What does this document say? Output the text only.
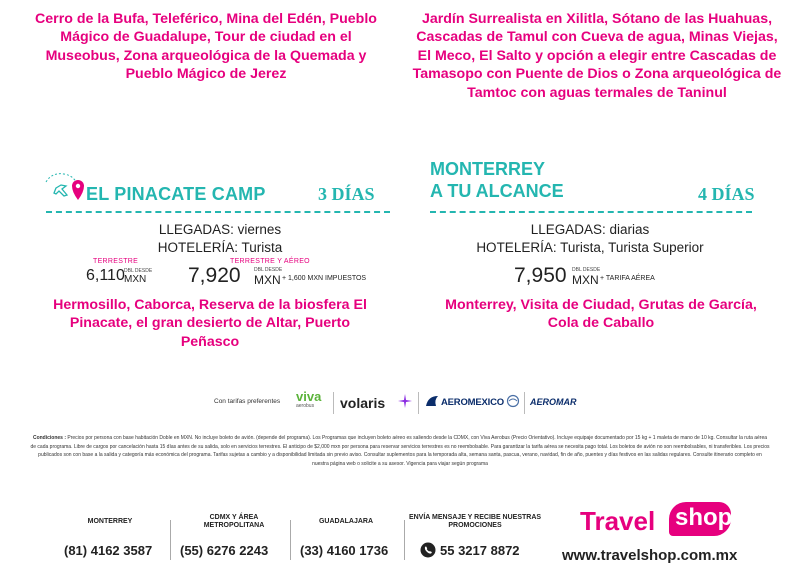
Cerro de la Bufa, Teleférico, Mina del Edén, Pueblo Mágico de Guadalupe, Tour de ciudad en el Museobus, Zona arqueológica de la Quemada y Pueblo Mágico de Jerez
Jardín Surrealista en Xilitla, Sótano de las Huahuas, Cascadas de Tamul con Cueva de agua, Minas Viejas, El Meco, El Salto y opción a elegir entre Cascadas de Tamasopo con Puente de Dios o Zona arqueológica de Tamtoc con aguas termales de Taninul
EL PINACATE CAMP	3 DÍAS
MONTERREY
A TU ALCANCE	4 DÍAS
LLEGADAS: viernes
HOTELERÍA: Turista
TERRESTRE
6,110 DBL DESDE
MXN
TERRESTRE Y AÉREO
7,920	DBL DESDE
MXN + 1,600 MXN IMPUESTOS
LLEGADAS: diarias
HOTELERÍA: Turista, Turista Superior
7,950 DBL DESDE
MXN + TARIFA AÉREA
Hermosillo, Caborca, Reserva de la biosfera El Pinacate, el gran desierto de Altar, Puerto Peñasco
Monterrey, Visita de Ciudad, Grutas de García, Cola de Caballo
Con tarifas preferentes viva
aerobus	volaris	AEROMEXICO	AEROMAR
Condiciones : Precios por persona con base habitación Doble en MXN. No incluye boleto de avión. (depende del programa). Los Programas que incluyen boleto aéreo es saliendo desde la CDMX, con Viva Aerobus (Precio Orientativo). Incluye equipaje documentado por 15 kg + 1 maleta de mano de 10 kg. Consultar la ruta aérea de cada programa. Libre de cargos por cancelación hasta 15 días antes de su salida, solo en servicios terrestres. El anticipo de $2,000 mxn por persona para reservar servicios terrestres es no reembolsable. Para garantizar la tarifa aérea se necesita pago total. Los boletos de avión no son reembolsables, ni transferibles. Los precios publicados son con base a la salida y categoría más económica del programa. Tarifas sujetas a cambio y a disponibilidad limitada sin previo aviso. Consultar suplementos para la temporada alta, semana santa, pascua, verano, navidad, fin de año, puentes y días festivos en las salidas regulares. Consulte itinerario completo en nuestra página web o solicite a su asesor. Vigencia para viajar según programa
MONTERREY
(81) 4162 3587
CDMX Y ÁREA METROPOLITANA
(55) 6276 2243
GUADALAJARA
(33) 4160 1736
ENVÍA MENSAJE Y RECIBE NUESTRAS PROMOCIONES
55 3217 8872
Travel shop
www.travelshop.com.mx
